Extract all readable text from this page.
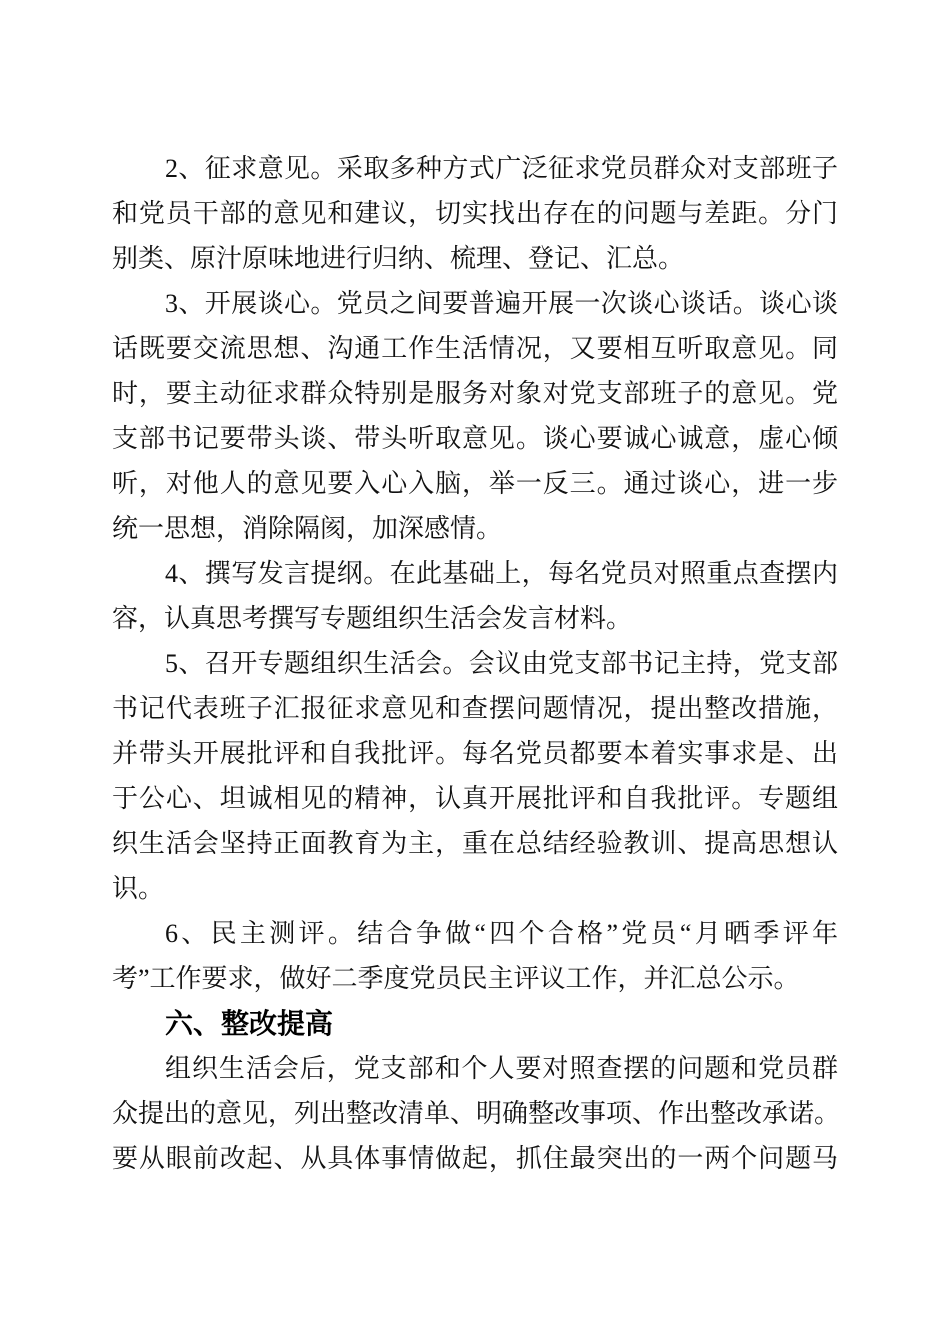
2、征求意见。采取多种方式广泛征求党员群众对支部班子
和党员干部的意见和建议，切实找出存在的问题与差距。分门
别类、原汁原味地进行归纳、梳理、登记、汇总。
3、开展谈心。党员之间要普遍开展一次谈心谈话。谈心谈
话既要交流思想、沟通工作生活情况，又要相互听取意见。同
时，要主动征求群众特别是服务对象对党支部班子的意见。党
支部书记要带头谈、带头听取意见。谈心要诚心诚意，虚心倾
听，对他人的意见要入心入脑，举一反三。通过谈心，进一步
统一思想，消除隔阂，加深感情。
4、撰写发言提纲。在此基础上，每名党员对照重点查摆内
容，认真思考撰写专题组织生活会发言材料。
5、召开专题组织生活会。会议由党支部书记主持，党支部
书记代表班子汇报征求意见和查摆问题情况，提出整改措施，
并带头开展批评和自我批评。每名党员都要本着实事求是、出
于公心、坦诚相见的精神，认真开展批评和自我批评。专题组
织生活会坚持正面教育为主，重在总结经验教训、提高思想认
识。
6、民主测评。结合争做“四个合格”党员“月晒季评年
考”工作要求，做好二季度党员民主评议工作，并汇总公示。
六、整改提高
组织生活会后，党支部和个人要对照查摆的问题和党员群
众提出的意见，列出整改清单、明确整改事项、作出整改承诺。
要从眼前改起、从具体事情做起，抓住最突出的一两个问题马
